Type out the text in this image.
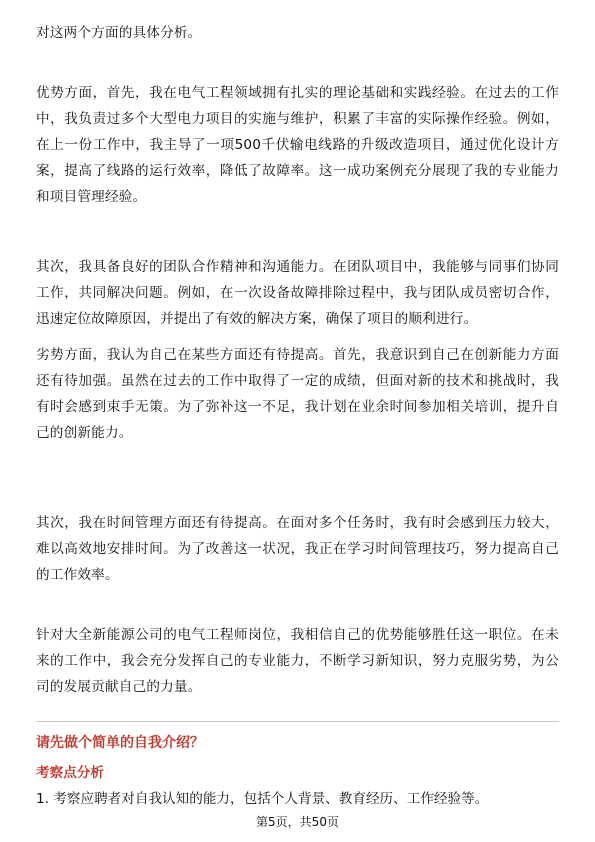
对这两个方面的具体分析。

优势方面，首先，我在电气工程领域拥有扎实的理论基础和实践经验。在过去的工作中，我负责过多个大型电力项目的实施与维护，积累了丰富的实际操作经验。例如，在上一份工作中，我主导了一项500千伏输电线路的升级改造项目，通过优化设计方案，提高了线路的运行效率，降低了故障率。这一成功案例充分展现了我的专业能力和项目管理经验。

其次，我具备良好的团队合作精神和沟通能力。在团队项目中，我能够与同事们协同工作，共同解决问题。例如，在一次设备故障排除过程中，我与团队成员密切合作，迅速定位故障原因，并提出了有效的解决方案，确保了项目的顺利进行。

劣势方面，我认为自己在某些方面还有待提高。首先，我意识到自己在创新能力方面还有待加强。虽然在过去的工作中取得了一定的成绩，但面对新的技术和挑战时，我有时会感到束手无策。为了弥补这一不足，我计划在业余时间参加相关培训，提升自己的创新能力。

其次，我在时间管理方面还有待提高。在面对多个任务时，我有时会感到压力较大，难以高效地安排时间。为了改善这一状况，我正在学习时间管理技巧，努力提高自己的工作效率。

针对大全新能源公司的电气工程师岗位，我相信自己的优势能够胜任这一职位。在未来的工作中，我会充分发挥自己的专业能力，不断学习新知识，努力克服劣势，为公司的发展贡献自己的力量。

请先做个简单的自我介绍？
考察点分析
1. 考察应聘者对自我认知的能力，包括个人背景、教育经历、工作经验等。
第5页，共50页
